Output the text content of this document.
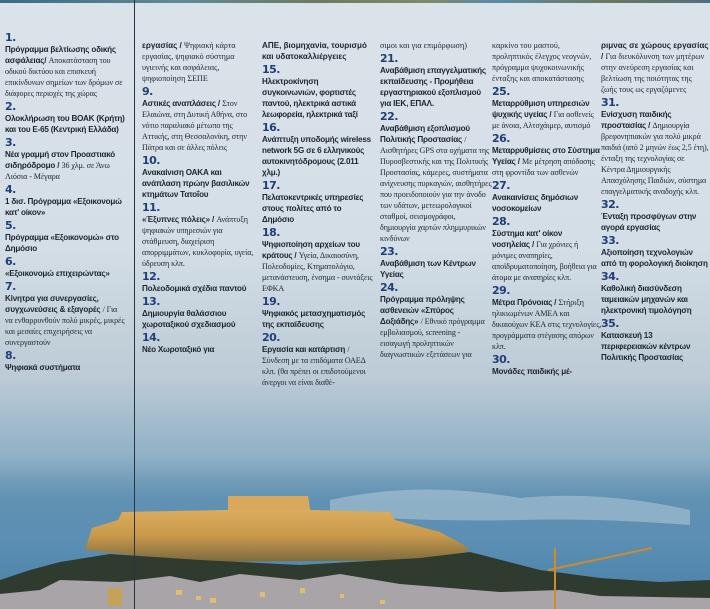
1.
Πρόγραμμα βελτίωσης οδικής ασφάλειας/ Αποκατάσταση του οδικού δικτύου και επισκευή επικίνδυνων σημείων των δρόμων σε διάφορες περιοχές της χώρας
2.
Ολοκλήρωση του ΒΟΑΚ (Κρήτη) και του Ε-65 (Κεντρική Ελλάδα)
3.
Νέα γραμμή στον Προαστιακό σιδηρόδρομο / 36 χλμ. σε Άνω Λιόσια - Μέγαρα
4.
1 δισ. Πρόγραμμα «Εξοικονομώ κατ' οίκον»
5.
Πρόγραμμα «Εξοικονομώ» στο Δημόσιο
6.
«Εξοικονομώ επιχειρώντας»
7.
Κίνητρα για συνεργασίες, συγχωνεύσεις & εξαγορές / Για να ενθαρρυνθούν πολύ μικρές, μικρές και μεσαίες επιχειρήσεις να συνεργαστούν
8.
Ψηφιακά συστήματα
εργασίας / Ψηφιακή κάρτα εργασίας, ψηφιακό σύστημα υγιεινής και ασφάλειας, ψηφιοποίηση ΣΕΠΕ
9.
Αστικές αναπλάσεις / Στον Ελαιώνα, στη Δυτική Αθήνα, στο νότιο παραλιακό μέτωπο της Αττικής, στη Θεσσαλονίκη, στην Πάτρα και σε άλλες πόλεις
10.
Ανακαίνιση ΟΑΚΑ και ανάπλαση πρώην βασιλικών κτημάτων Τατοΐου
11.
«Έξυπνες πόλεις» / Ανάπτυξη ψηφιακών υπηρεσιών για στάθμευση, διαχείριση απορριμμάτων, κυκλοφορία, υγεία, ύδρευση κλπ.
12.
Πολεοδομικά σχέδια παντού
13.
Δημιουργία θαλάσσιου χωροταξικού σχεδιασμού
14.
Νέο Χωροταξικό για
ΑΠΕ, βιομηχανία, τουρισμό και υδατοκαλλιέργειες
15.
Ηλεκτροκίνηση συγκοινωνιών, φορτιστές παντού, ηλεκτρικά αστικά λεωφορεία, ηλεκτρικά ταξί
16.
Ανάπτυξη υποδομής wireless network 5G σε 6 ελληνικούς αυτοκινητόδρομους (2.011 χλμ.)
17.
Πελατοκεντρικές υπηρεσίες στους πολίτες από το Δημόσιο
18.
Ψηφιοποίηση αρχείων του κράτους / Υγεία, Δικαιοσύνη, Πολεοδομίες, Κτηματολόγιο, μετανάστευση, ένσημα - συντάξεις ΕΦΚΑ
19.
Ψηφιακός μετασχηματισμός της εκπαίδευσης
20.
Εργασία και κατάρτιση / Σύνδεση με τα επιδόματα ΟΑΕΔ κλπ. (θα πρέπει οι επιδοτούμενοι άνεργοι να είναι διαθέ-
σιμοι και για επιμόρφωση)
21.
Αναβάθμιση επαγγελματικής εκπαίδευσης - Προμήθεια εργαστηριακού εξοπλισμού για ΙΕΚ, ΕΠΑΛ.
22.
Αναβάθμιση εξοπλισμού Πολιτικής Προστασίας / Αισθητήρες GPS στα οχήματα της Πυροσβεστικής και της Πολιτικής Προστασίας, κάμερες, συστήματα ανίχνευσης πυρκαγιών, αισθητήρες που προειδοποιούν για την άνοδο των υδάτων, μετεωρολογικοί σταθμοί, σεισμογράφοι, δημιουργία χαρτών πλημμυρικών κινδύνων
23.
Αναβάθμιση των Κέντρων Υγείας
24.
Πρόγραμμα πρόληψης ασθενειών «Σπύρος Δοξιάδης» / Εθνικό πρόγραμμα εμβολιασμού, screening - εισαγωγή προληπτικών διαγνωστικών εξετάσεων για
καρκίνο του μαστού, προληπτικός έλεγχος νεογνών, πρόγραμμα ψυχοκοινωνικής ένταξης και αποκατάστασης
25.
Μεταρρύθμιση υπηρεσιών ψυχικής υγείας / Για ασθενείς με άνοια, Αλτσχάιμερ, αυτισμό
26.
Μεταρρυθμίσεις στο Σύστημα Υγείας / Με μέτρηση απόδοσης στη φροντίδα των ασθενών
27.
Ανακαινίσεις δημόσιων νοσοκομείων
28.
Σύστημα κατ' οίκον νοσηλείας / Για χρόνιες ή μόνιμες αναπηρίες, αποϊδρυματοποίηση, βοήθεια για άτομα με αναπηρίες κλπ.
29.
Μέτρα Πρόνοιας / Στήριξη ηλικιωμένων ΑΜΕΑ και δικαιούχων ΚΕΑ στις τεχνολογίες, προγράμματα στέγασης απόρων κλπ.
30.
Μονάδες παιδικής μέ-
ριμνας σε χώρους εργασίας / Για διευκόλυνση των μητέρων στην ανεύρεση εργασίας και βελτίωση της ποιότητας της ζωής τους ως εργαζόμενες
31.
Ενίσχυση παιδικής προστασίας / Δημιουργία βρεφονηπιακών για πολύ μικρά παιδιά (από 2 μηνών έως 2,5 έτη), ένταξη της τεχνολογίας σε Κέντρα Δημιουργικής Απασχόλησης Παιδιών, σύστημα επαγγελματικής αναδοχής κλπ.
32.
Ένταξη προσφύγων στην αγορά εργασίας
33.
Αξιοποίηση τεχνολογιών από τη φορολογική διοίκηση
34.
Καθολική διασύνδεση ταμειακών μηχανών και ηλεκτρονική τιμολόγηση
35.
Κατασκευή 13 περιφερειακών κέντρων Πολιτικής Προστασίας
